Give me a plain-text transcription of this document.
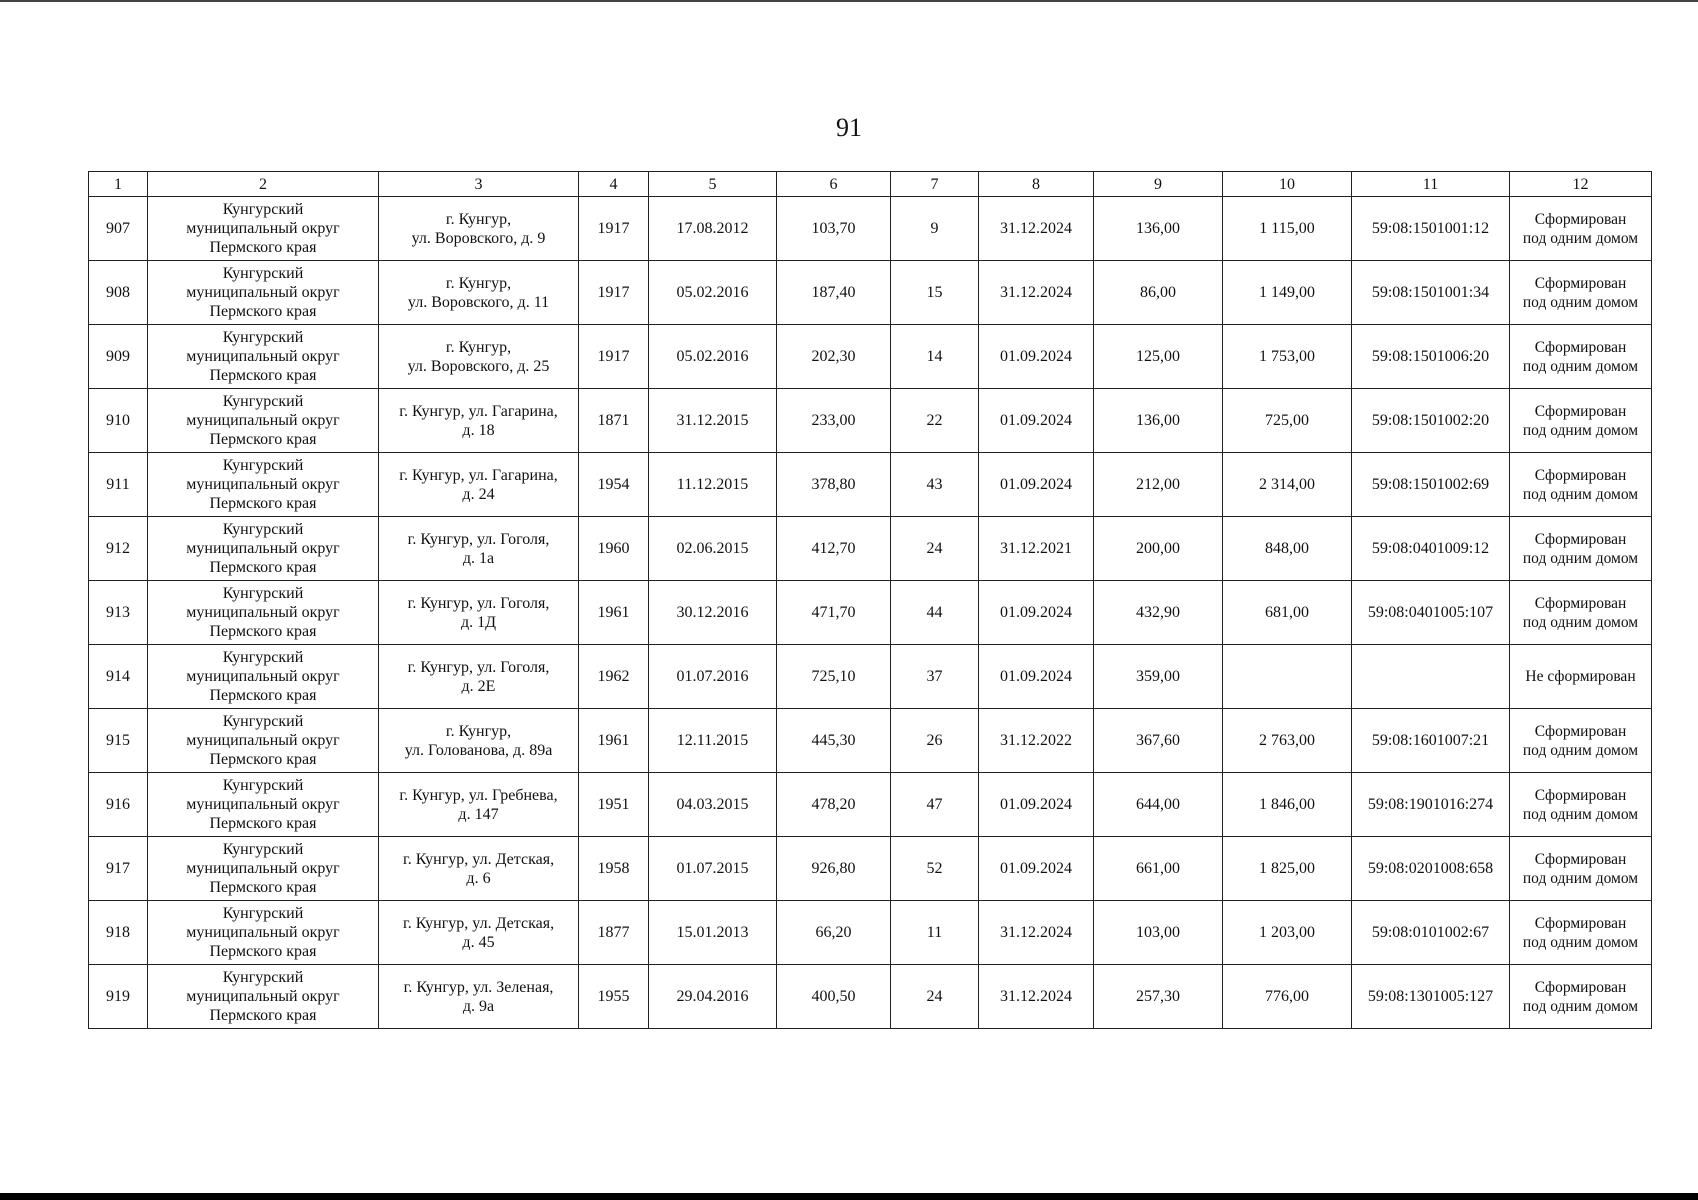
91
1	2	3	4	5	6	7	8	9	10	11	12
907	Кунгурский
муниципальный округ
Пермского края	г. Кунгур,
ул. Воровского, д. 9	1917	17.08.2012	103,70	9	31.12.2024	136,00	1 115,00	59:08:1501001:12	Сформирован
под одним домом
908	Кунгурский
муниципальный округ
Пермского края	г. Кунгур,
ул. Воровского, д. 11	1917	05.02.2016	187,40	15	31.12.2024	86,00	1 149,00	59:08:1501001:34	Сформирован
под одним домом
909	Кунгурский
муниципальный округ
Пермского края	г. Кунгур,
ул. Воровского, д. 25	1917	05.02.2016	202,30	14	01.09.2024	125,00	1 753,00	59:08:1501006:20	Сформирован
под одним домом
910	Кунгурский
муниципальный округ
Пермского края	г. Кунгур, ул. Гагарина,
д. 18	1871	31.12.2015	233,00	22	01.09.2024	136,00	725,00	59:08:1501002:20	Сформирован
под одним домом
911	Кунгурский
муниципальный округ
Пермского края	г. Кунгур, ул. Гагарина,
д. 24	1954	11.12.2015	378,80	43	01.09.2024	212,00	2 314,00	59:08:1501002:69	Сформирован
под одним домом
912	Кунгурский
муниципальный округ
Пермского края	г. Кунгур, ул. Гоголя,
д. 1а	1960	02.06.2015	412,70	24	31.12.2021	200,00	848,00	59:08:0401009:12	Сформирован
под одним домом
913	Кунгурский
муниципальный округ
Пермского края	г. Кунгур, ул. Гоголя,
д. 1Д	1961	30.12.2016	471,70	44	01.09.2024	432,90	681,00	59:08:0401005:107	Сформирован
под одним домом
914	Кунгурский
муниципальный округ
Пермского края	г. Кунгур, ул. Гоголя,
д. 2Е	1962	01.07.2016	725,10	37	01.09.2024	359,00			Не сформирован
915	Кунгурский
муниципальный округ
Пермского края	г. Кунгур,
ул. Голованова, д. 89а	1961	12.11.2015	445,30	26	31.12.2022	367,60	2 763,00	59:08:1601007:21	Сформирован
под одним домом
916	Кунгурский
муниципальный округ
Пермского края	г. Кунгур, ул. Гребнева,
д. 147	1951	04.03.2015	478,20	47	01.09.2024	644,00	1 846,00	59:08:1901016:274	Сформирован
под одним домом
917	Кунгурский
муниципальный округ
Пермского края	г. Кунгур, ул. Детская,
д. 6	1958	01.07.2015	926,80	52	01.09.2024	661,00	1 825,00	59:08:0201008:658	Сформирован
под одним домом
918	Кунгурский
муниципальный округ
Пермского края	г. Кунгур, ул. Детская,
д. 45	1877	15.01.2013	66,20	11	31.12.2024	103,00	1 203,00	59:08:0101002:67	Сформирован
под одним домом
919	Кунгурский
муниципальный округ
Пермского края	г. Кунгур, ул. Зеленая,
д. 9а	1955	29.04.2016	400,50	24	31.12.2024	257,30	776,00	59:08:1301005:127	Сформирован
под одним домом
